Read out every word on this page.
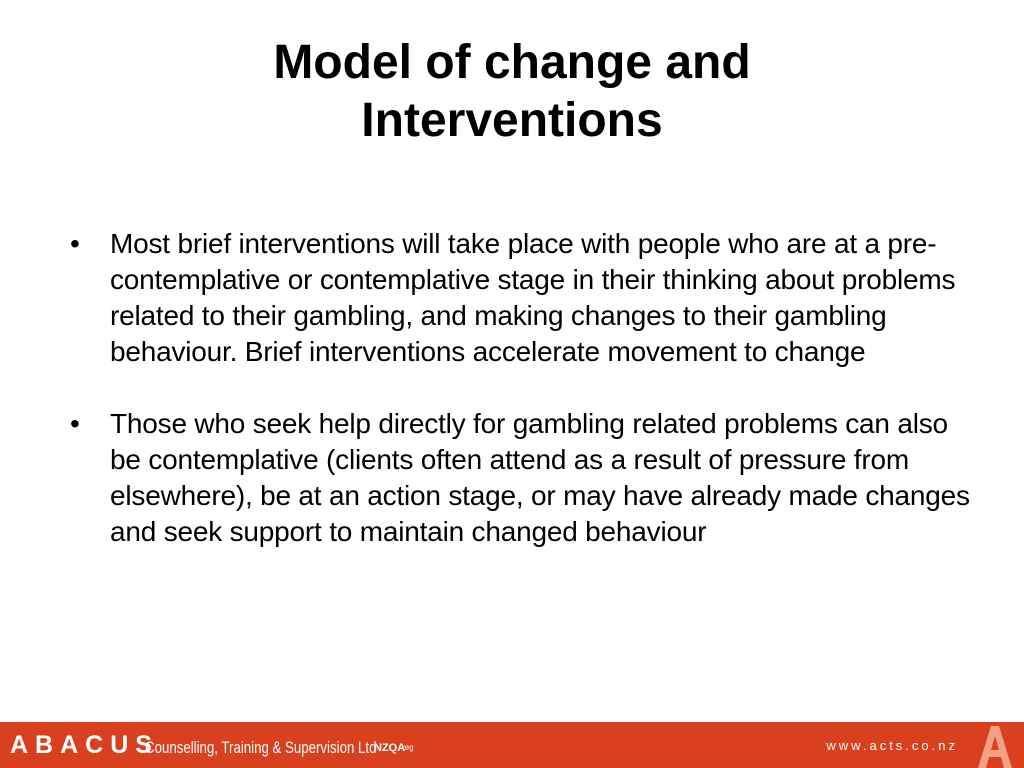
Model of change and
Interventions
•	Most brief interventions will take place with people who are at a pre-contemplative or contemplative stage in their thinking about problems related to their gambling, and making changes to their gambling behaviour. Brief interventions accelerate movement to change
•	Those who seek help directly for gambling related problems can also be contemplative (clients often attend as a result of pressure from elsewhere), be at an action stage, or may have already made changes and seek support to maintain changed behaviour
ABACUS
Counselling, Training & Supervision Ltd
NZQA
reg	www.acts.co.nz
